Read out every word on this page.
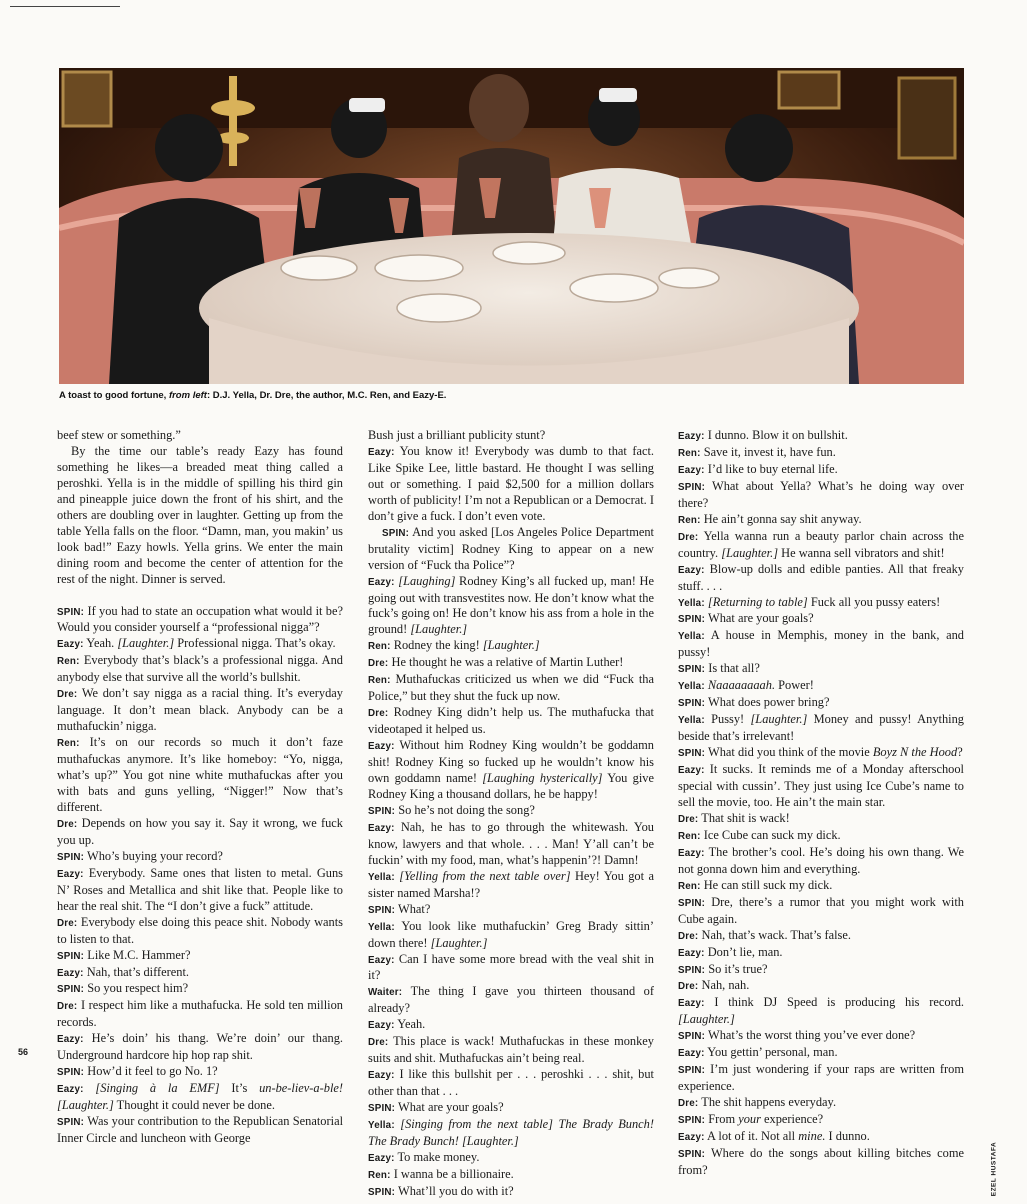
A toast to good fortune, from left: D.J. Yella, Dr. Dre, the author, M.C. Ren, and Eazy-E.

beef stew or something.”

By the time our table’s ready Eazy has found something he likes—a breaded meat thing called a peroshki. Yella is in the middle of spilling his third gin and pineapple juice down the front of his shirt, and the others are doubling over in laughter. Getting up from the table Yella falls on the floor. “Damn, man, you makin’ us look bad!” Eazy howls. Yella grins. We enter the main dining room and become the center of attention for the rest of the night. Dinner is served.

SPIN: If you had to state an occupation what would it be? Would you consider yourself a “professional nigga”?

Eazy: Yeah. [Laughter.] Professional nigga. That’s okay.

Ren: Everybody that’s black’s a professional nigga. And anybody else that survive all the world’s bullshit.

Dre: We don’t say nigga as a racial thing. It’s everyday language. It don’t mean black. Anybody can be a muthafuckin’ nigga.

Ren: It’s on our records so much it don’t faze muthafuckas anymore. It’s like homeboy: “Yo, nigga, what’s up?” You got nine white muthafuckas after you with bats and guns yelling, “Nigger!” Now that’s different.

Dre: Depends on how you say it. Say it wrong, we fuck you up.

SPIN: Who’s buying your record?

Eazy: Everybody. Same ones that listen to metal. Guns N’ Roses and Metallica and shit like that. People like to hear the real shit. The “I don’t give a fuck” attitude.

Dre: Everybody else doing this peace shit. Nobody wants to listen to that.

SPIN: Like M.C. Hammer?

Eazy: Nah, that’s different.

SPIN: So you respect him?

Dre: I respect him like a muthafucka. He sold ten million records.

Eazy: He’s doin’ his thang. We’re doin’ our thang. Underground hardcore hip hop rap shit.

SPIN: How’d it feel to go No. 1?

Eazy: [Singing à la EMF] It’s un-be-liev-a-ble! [Laughter.] Thought it could never be done.

SPIN: Was your contribution to the Republican Senatorial Inner Circle and luncheon with George

Bush just a brilliant publicity stunt?

Eazy: You know it! Everybody was dumb to that fact. Like Spike Lee, little bastard. He thought I was selling out or something. I paid $2,500 for a million dollars worth of publicity! I’m not a Republican or a Democrat. I don’t give a fuck. I don’t even vote.

SPIN: And you asked [Los Angeles Police Department brutality victim] Rodney King to appear on a new version of “Fuck tha Police”?

Eazy: [Laughing] Rodney King’s all fucked up, man! He going out with transvestites now. He don’t know what the fuck’s going on! He don’t know his ass from a hole in the ground! [Laughter.]

Ren: Rodney the king! [Laughter.]

Dre: He thought he was a relative of Martin Luther!

Ren: Muthafuckas criticized us when we did “Fuck tha Police,” but they shut the fuck up now.

Dre: Rodney King didn’t help us. The muthafucka that videotaped it helped us.

Eazy: Without him Rodney King wouldn’t be goddamn shit! Rodney King so fucked up he wouldn’t know his own goddamn name! [Laughing hysterically] You give Rodney King a thousand dollars, he be happy!

SPIN: So he’s not doing the song?

Eazy: Nah, he has to go through the whitewash. You know, lawyers and that whole. . . . Man! Y’all can’t be fuckin’ with my food, man, what’s happenin’?! Damn!

Yella: [Yelling from the next table over] Hey! You got a sister named Marsha!?

SPIN: What?

Yella: You look like muthafuckin’ Greg Brady sittin’ down there! [Laughter.]

Eazy: Can I have some more bread with the veal shit in it?

Waiter: The thing I gave you thirteen thousand of already?

Eazy: Yeah.

Dre: This place is wack! Muthafuckas in these monkey suits and shit. Muthafuckas ain’t being real.

Eazy: I like this bullshit per . . . peroshki . . . shit, but other than that . . .

SPIN: What are your goals?

Yella: [Singing from the next table] The Brady Bunch! The Brady Bunch! [Laughter.]

Eazy: To make money.

Ren: I wanna be a billionaire.

SPIN: What’ll you do with it?

Eazy: I dunno. Blow it on bullshit.

Ren: Save it, invest it, have fun.

Eazy: I’d like to buy eternal life.

SPIN: What about Yella? What’s he doing way over there?

Ren: He ain’t gonna say shit anyway.

Dre: Yella wanna run a beauty parlor chain across the country. [Laughter.] He wanna sell vibrators and shit!

Eazy: Blow-up dolls and edible panties. All that freaky stuff. . . .

Yella: [Returning to table] Fuck all you pussy eaters!

SPIN: What are your goals?

Yella: A house in Memphis, money in the bank, and pussy!

SPIN: Is that all?

Yella: Naaaaaaaah. Power!

SPIN: What does power bring?

Yella: Pussy! [Laughter.] Money and pussy! Anything beside that’s irrelevant!

SPIN: What did you think of the movie Boyz N the Hood?

Eazy: It sucks. It reminds me of a Monday afterschool special with cussin’. They just using Ice Cube’s name to sell the movie, too. He ain’t the main star.

Dre: That shit is wack!

Ren: Ice Cube can suck my dick.

Eazy: The brother’s cool. He’s doing his own thang. We not gonna down him and everything.

Ren: He can still suck my dick.

SPIN: Dre, there’s a rumor that you might work with Cube again.

Dre: Nah, that’s wack. That’s false.

Eazy: Don’t lie, man.

SPIN: So it’s true?

Dre: Nah, nah.

Eazy: I think DJ Speed is producing his record. [Laughter.]

SPIN: What’s the worst thing you’ve ever done?

Eazy: You gettin’ personal, man.

SPIN: I’m just wondering if your raps are written from experience.

Dre: The shit happens everyday.

SPIN: From your experience?

Eazy: A lot of it. Not all mine. I dunno.

SPIN: Where do the songs about killing bitches come from?

56
EZEL HUSTAFA
